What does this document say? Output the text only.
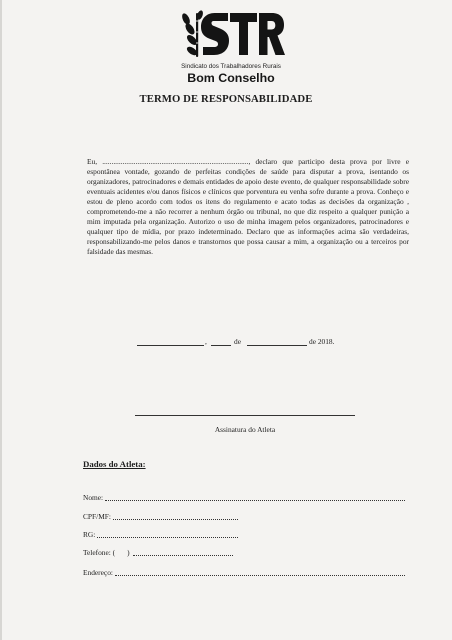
Sindicato dos Trabalhadores Rurais
Bom Conselho
TERMO DE RESPONSABILIDADE

Eu, ..............................................................................., declaro que participo desta prova por livre e espontânea vontade, gozando de perfeitas condições de saúde para disputar a prova, isentando os organizadores, patrocinadores e demais entidades de apoio deste evento, de qualquer responsabilidade sobre eventuais acidentes e/ou danos físicos e clínicos que porventura eu venha sofre durante a prova. Conheço e estou de pleno acordo com todos os itens do regulamento e acato todas as decisões da organização , comprometendo-me a não recorrer a nenhum órgão ou tribunal, no que diz respeito a qualquer punição a mim imputada pela organização. Autorizo o uso de minha imagem pelos organizadores, patrocinadores e qualquer tipo de mídia, por prazo indeterminado. Declaro que as informações acima são verdadeiras, responsabilizando-me pelos danos e transtornos que possa causar a mim, a organização ou a terceiros por falsidade das mesmas.

,	de	de 2018.
Assinatura do Atleta
Dados do Atleta:
Nome:
CPF/MF:
RG:
Telefone: ( )
Endereço:
